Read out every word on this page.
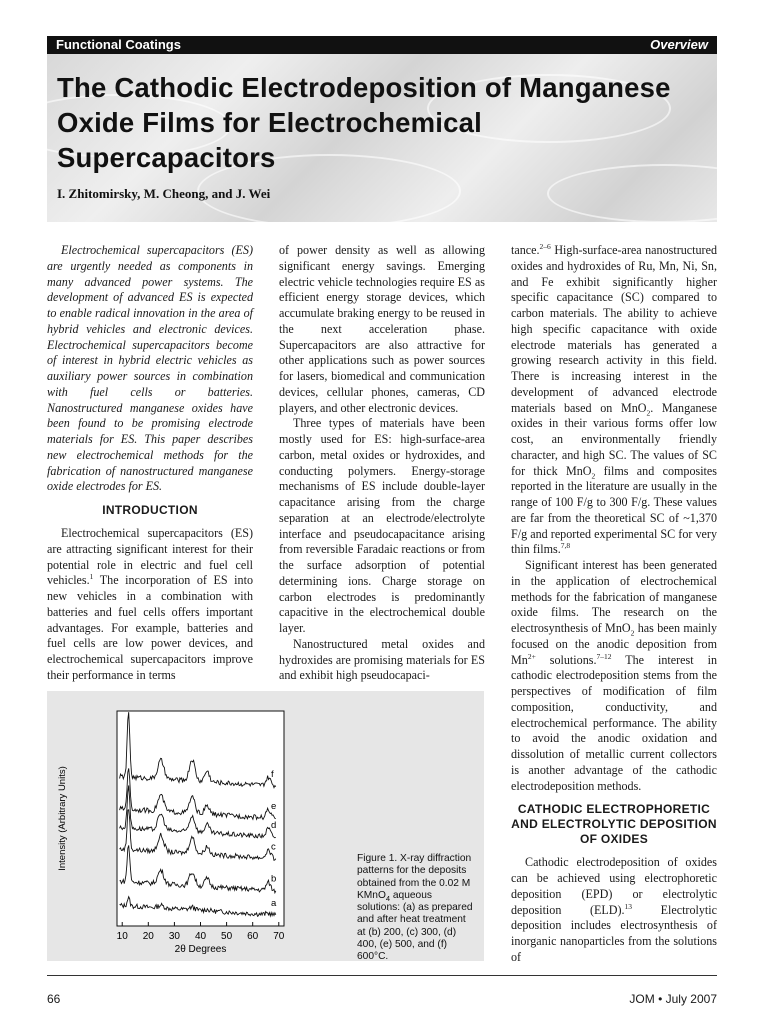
Functional Coatings	Overview
The Cathodic Electrodeposition of Manganese Oxide Films for Electrochemical Supercapacitors
I. Zhitomirsky, M. Cheong, and J. Wei

Electrochemical supercapacitors (ES) are urgently needed as components in many advanced power systems. The development of advanced ES is expected to enable radical innovation in the area of hybrid vehicles and electronic devices. Electrochemical supercapacitors become of interest in hybrid electric vehicles as auxiliary power sources in combination with fuel cells or batteries. Nanostructured manganese oxides have been found to be promising electrode materials for ES. This paper describes new electrochemical methods for the fabrication of nanostructured manganese oxide electrodes for ES.

INTRODUCTION

Electrochemical supercapacitors (ES) are attracting significant interest for their potential role in electric and fuel cell vehicles.$^1$ The incorporation of ES into new vehicles in a combination with batteries and fuel cells offers important advantages. For example, batteries and fuel cells are low power devices, and electrochemical supercapacitors improve their performance in terms

of power density as well as allowing significant energy savings. Emerging electric vehicle technologies require ES as efficient energy storage devices, which accumulate braking energy to be reused in the next acceleration phase. Supercapacitors are also attractive for other applications such as power sources for lasers, biomedical and communication devices, cellular phones, cameras, CD players, and other electronic devices.

Three types of materials have been mostly used for ES: high-surface-area carbon, metal oxides or hydroxides, and conducting polymers. Energy-storage mechanisms of ES include double-layer capacitance arising from the charge separation at an electrode/electrolyte interface and pseudocapacitance arising from reversible Faradaic reactions or from the surface adsorption of potential determining ions. Charge storage on carbon electrodes is predominantly capacitive in the electrochemical double layer.

Nanostructured metal oxides and hydroxides are promising materials for ES and exhibit high pseudocapaci-

tance.$^{2-6}$ High-surface-area nanostructured oxides and hydroxides of Ru, Mn, Ni, Sn, and Fe exhibit significantly higher specific capacitance (SC) compared to carbon materials. The ability to achieve high specific capacitance with oxide electrode materials has generated a growing research activity in this field. There is increasing interest in the development of advanced electrode materials based on MnO$_2$. Manganese oxides in their various forms offer low cost, an environmentally friendly character, and high SC. The values of SC for thick MnO$_2$ films and composites reported in the literature are usually in the range of 100 F/g to 300 F/g. These values are far from the theoretical SC of ~1,370 F/g and reported experimental SC for very thin films.$^{7,8}$

Significant interest has been generated in the application of electrochemical methods for the fabrication of manganese oxide films. The research on the electrosynthesis of MnO$_2$ has been mainly focused on the anodic deposition from $Mn^{2+}$ solutions.$^{7-12}$ The interest in cathodic electrodeposition stems from the perspectives of modification of film composition, conductivity, and electrochemical performance. The ability to avoid the anodic oxidation and dissolution of metallic current collectors is another advantage of the cathodic electrodeposition methods.

CATHODIC ELECTROPHORETIC AND ELECTROLYTIC DEPOSITION OF OXIDES

Cathodic electrodeposition of oxides can be achieved using electrophoretic deposition (EPD) or electrolytic deposition (ELD).$^{13}$ Electrolytic deposition includes electrosynthesis of inorganic nanoparticles from the solutions of

10 20 30 40 50 60 70
2θ Degrees
Intensity (Arbitrary Units)
a
b
c
d
e
f
Figure 1. X-ray diffraction patterns for the deposits obtained from the 0.02 M KMnO$_4$ aqueous solutions: (a) as prepared and after heat treatment at (b) 200, (c) 300, (d) 400, (e) 500, and (f) 600°C.
66	JOM • July 2007
